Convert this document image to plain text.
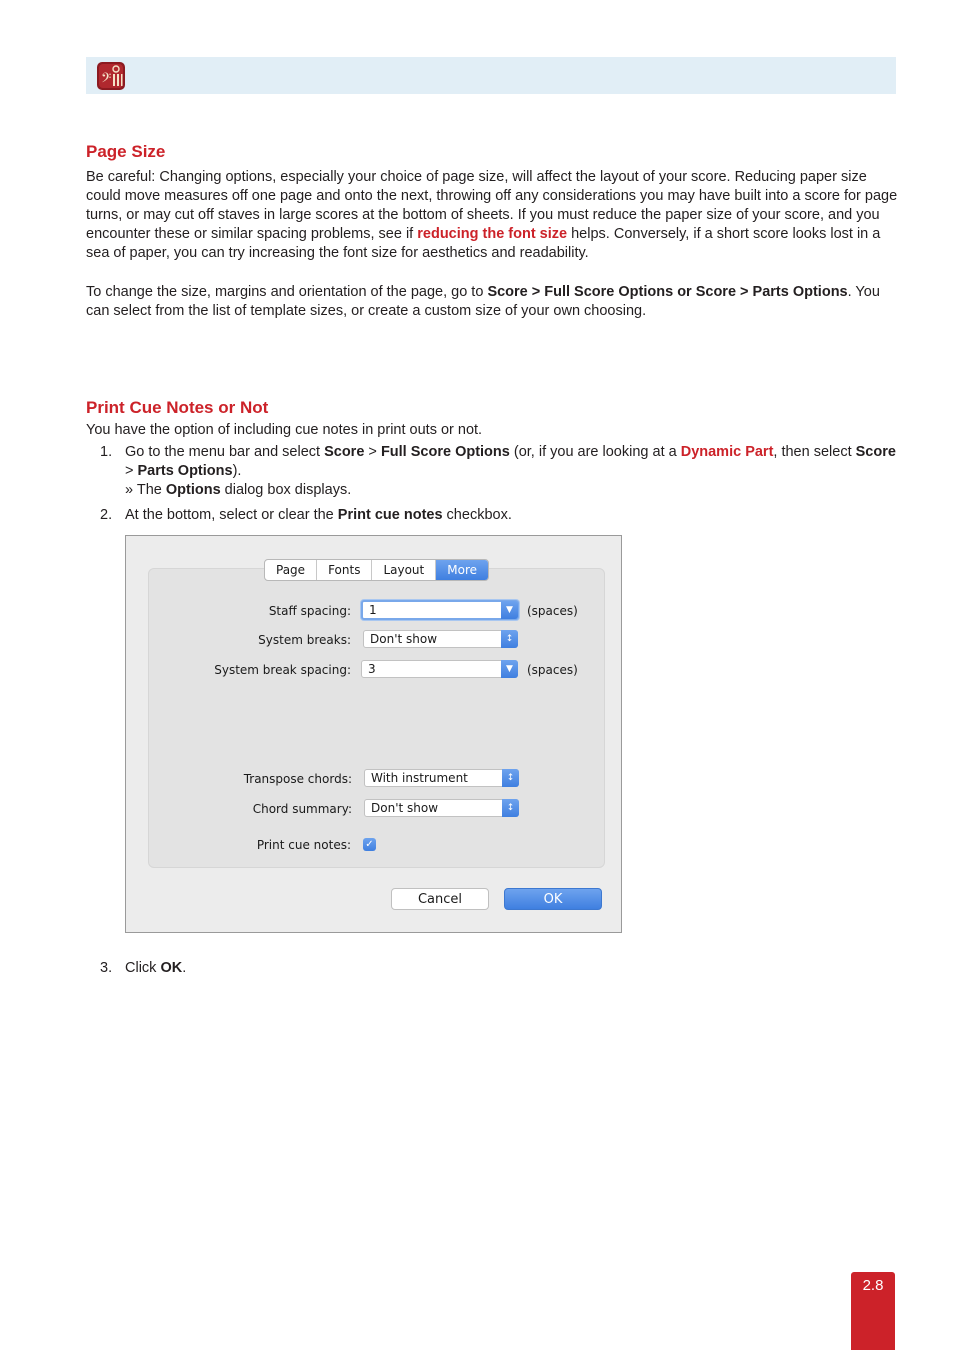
𝄢
Page Size

Be careful: Changing options, especially your choice of page size, will affect the layout of your score. Reducing paper size could move measures off one page and onto the next, throwing off any considerations you may have built into a score for page turns, or may cut off staves in large scores at the bottom of sheets. If you must reduce the paper size of your score, and you encounter these or similar spacing problems, see if reducing the font size helps. Conversely, if a short score looks lost in a sea of paper, you can try increasing the font size for aesthetics and readability.

To change the size, margins and orientation of the page, go to Score > Full Score Options or Score > Parts Options. You can select from the list of template sizes, or create a custom size of your own choosing.

Print Cue Notes or Not

You have the option of including cue notes in print outs or not.

1. Go to the menu bar and select Score > Full Score Options (or, if you are looking at a Dynamic Part, then select Score > Parts Options).
» The Options dialog box displays.
2. At the bottom, select or clear the Print cue notes checkbox.
Page	Fonts	Layout	More
Staff spacing:	1	▼	(spaces)
System breaks:	Don't show	↕
System break spacing:	3	▼	(spaces)
Transpose chords:	With instrument	↕
Chord summary:	Don't show	↕
Print cue notes: ✓
Cancel	OK
3. Click OK.
2.8
